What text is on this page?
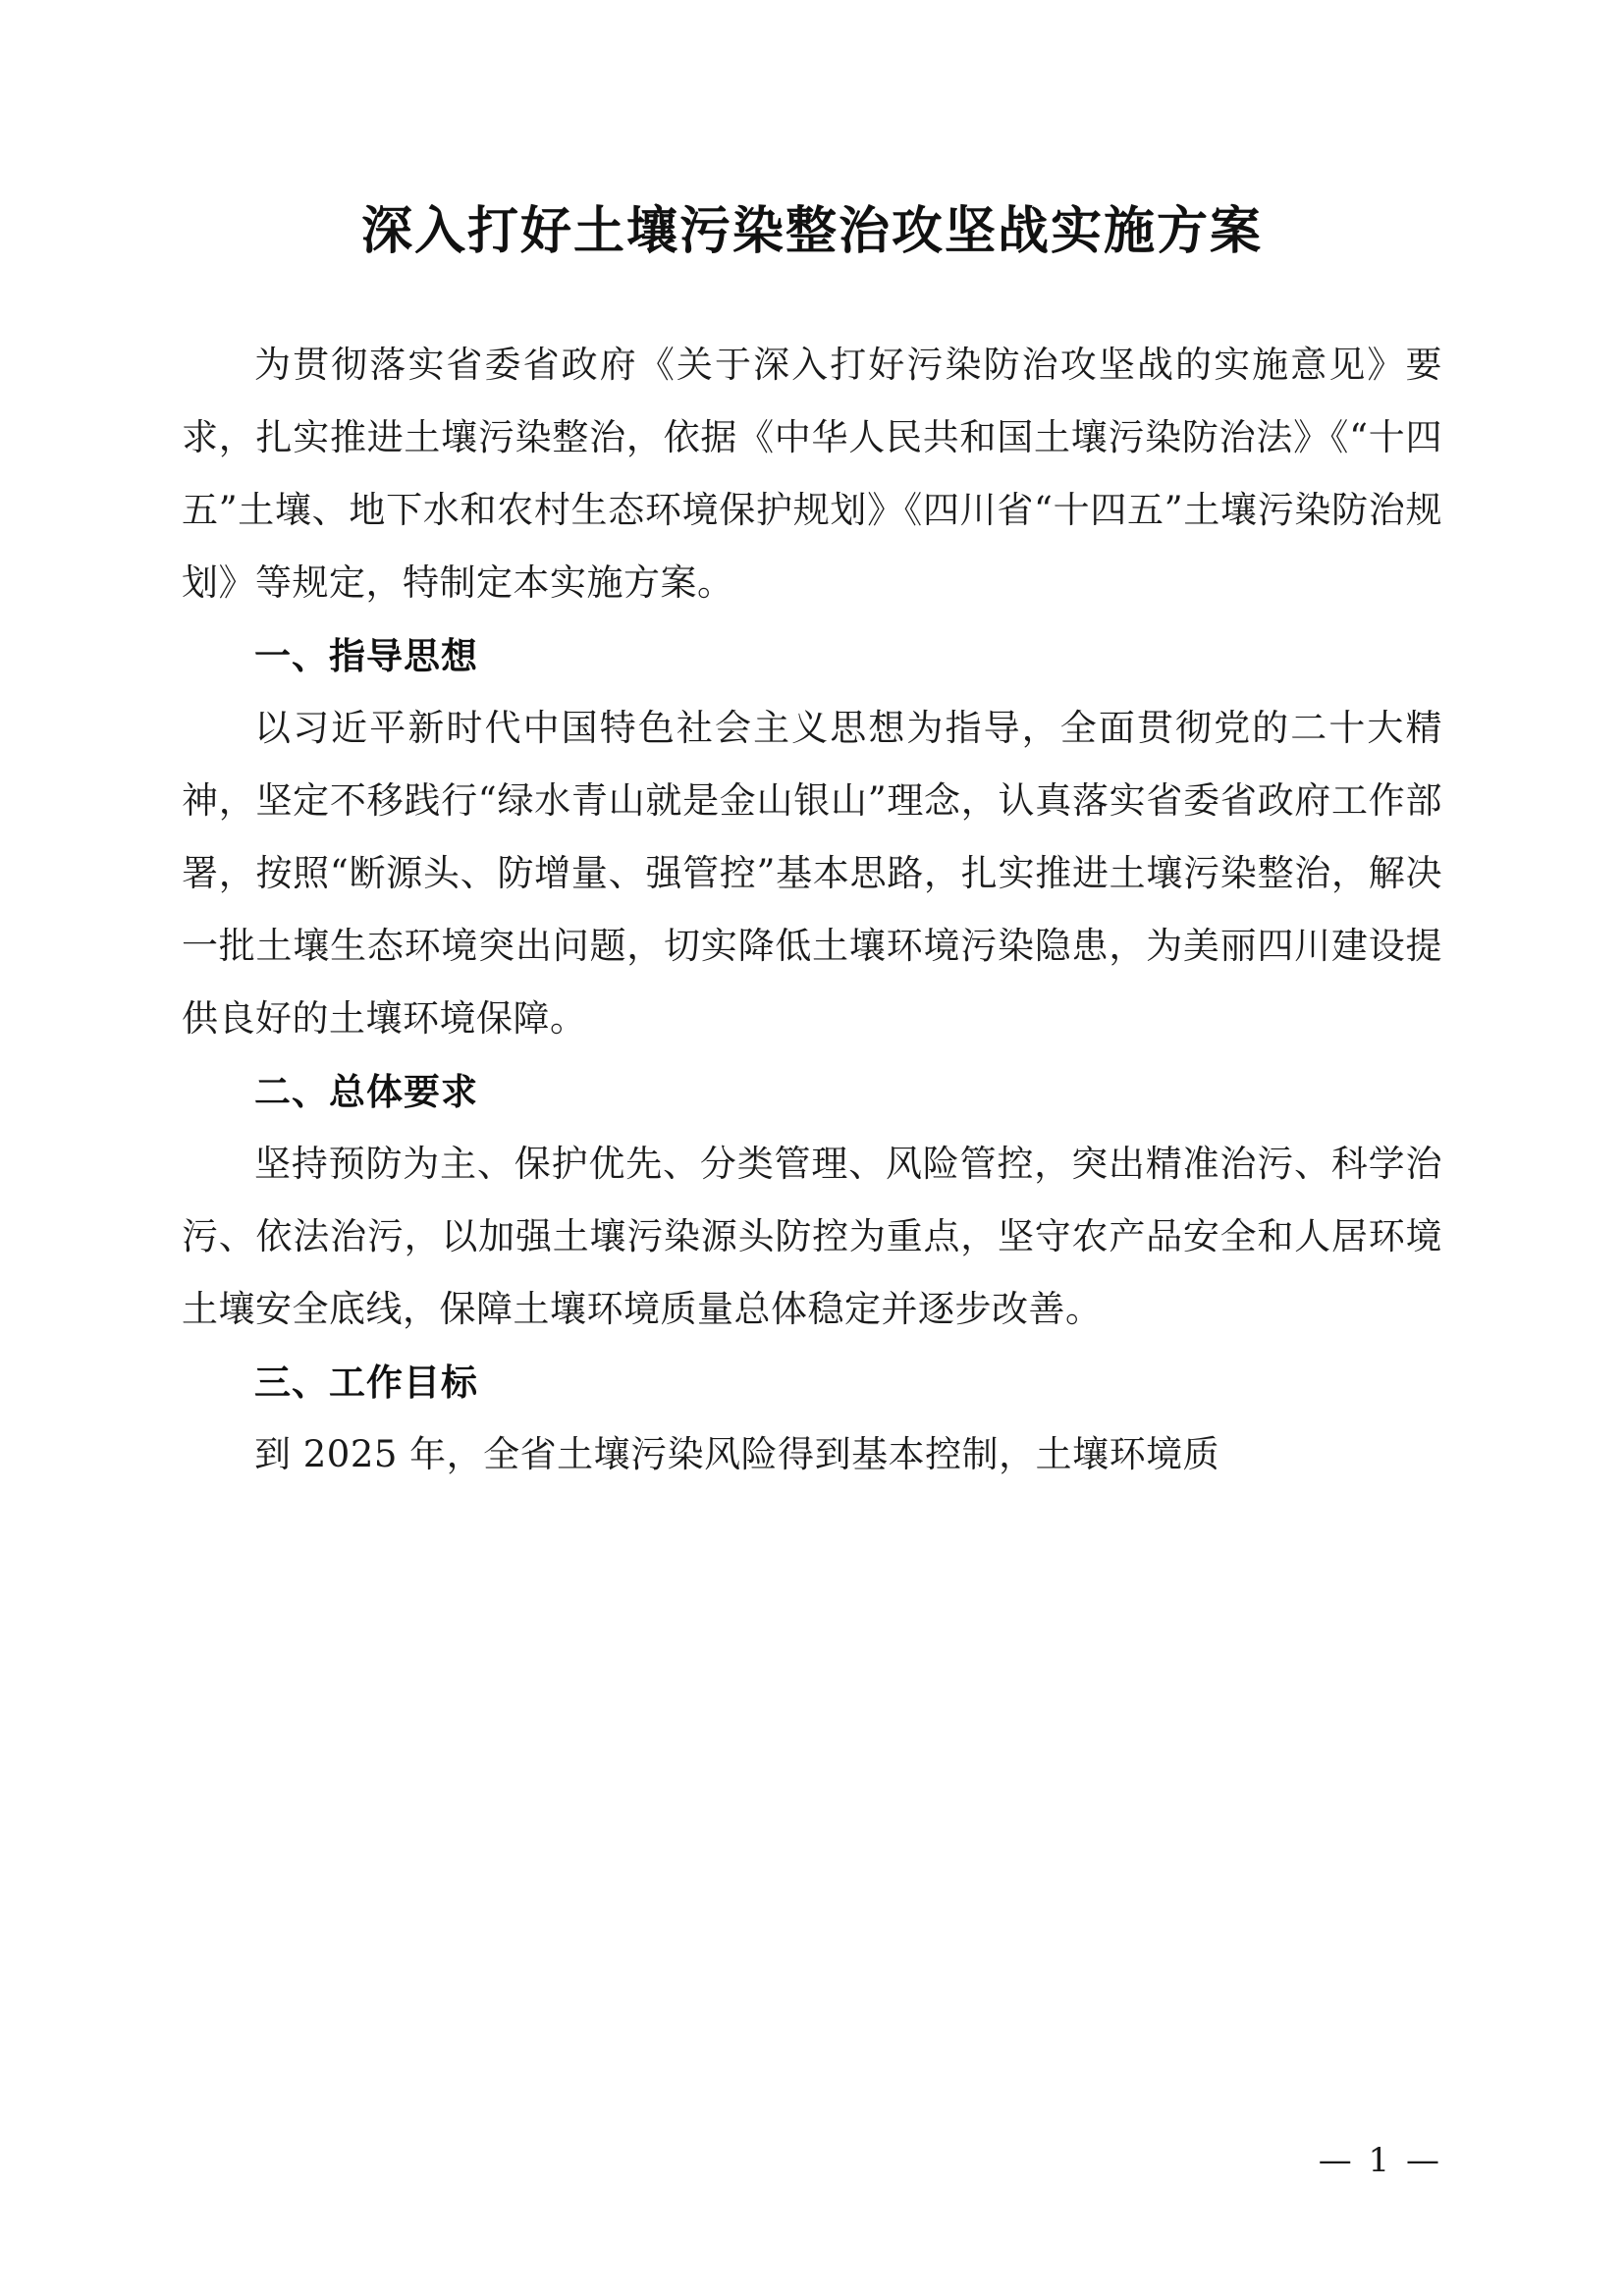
深入打好土壤污染整治攻坚战实施方案

为贯彻落实省委省政府《关于深入打好污染防治攻坚战的实施意见》要求，扎实推进土壤污染整治，依据《中华人民共和国土壤污染防治法》《“十四五”土壤、地下水和农村生态环境保护规划》《四川省“十四五”土壤污染防治规划》等规定，特制定本实施方案。

一、指导思想

以习近平新时代中国特色社会主义思想为指导，全面贯彻党的二十大精神，坚定不移践行“绿水青山就是金山银山”理念，认真落实省委省政府工作部署，按照“断源头、防增量、强管控”基本思路，扎实推进土壤污染整治，解决一批土壤生态环境突出问题，切实降低土壤环境污染隐患，为美丽四川建设提供良好的土壤环境保障。

二、总体要求

坚持预防为主、保护优先、分类管理、风险管控，突出精准治污、科学治污、依法治污，以加强土壤污染源头防控为重点，坚守农产品安全和人居环境土壤安全底线，保障土壤环境质量总体稳定并逐步改善。

三、工作目标

到 2025 年，全省土壤污染风险得到基本控制，土壤环境质

— 1 —
